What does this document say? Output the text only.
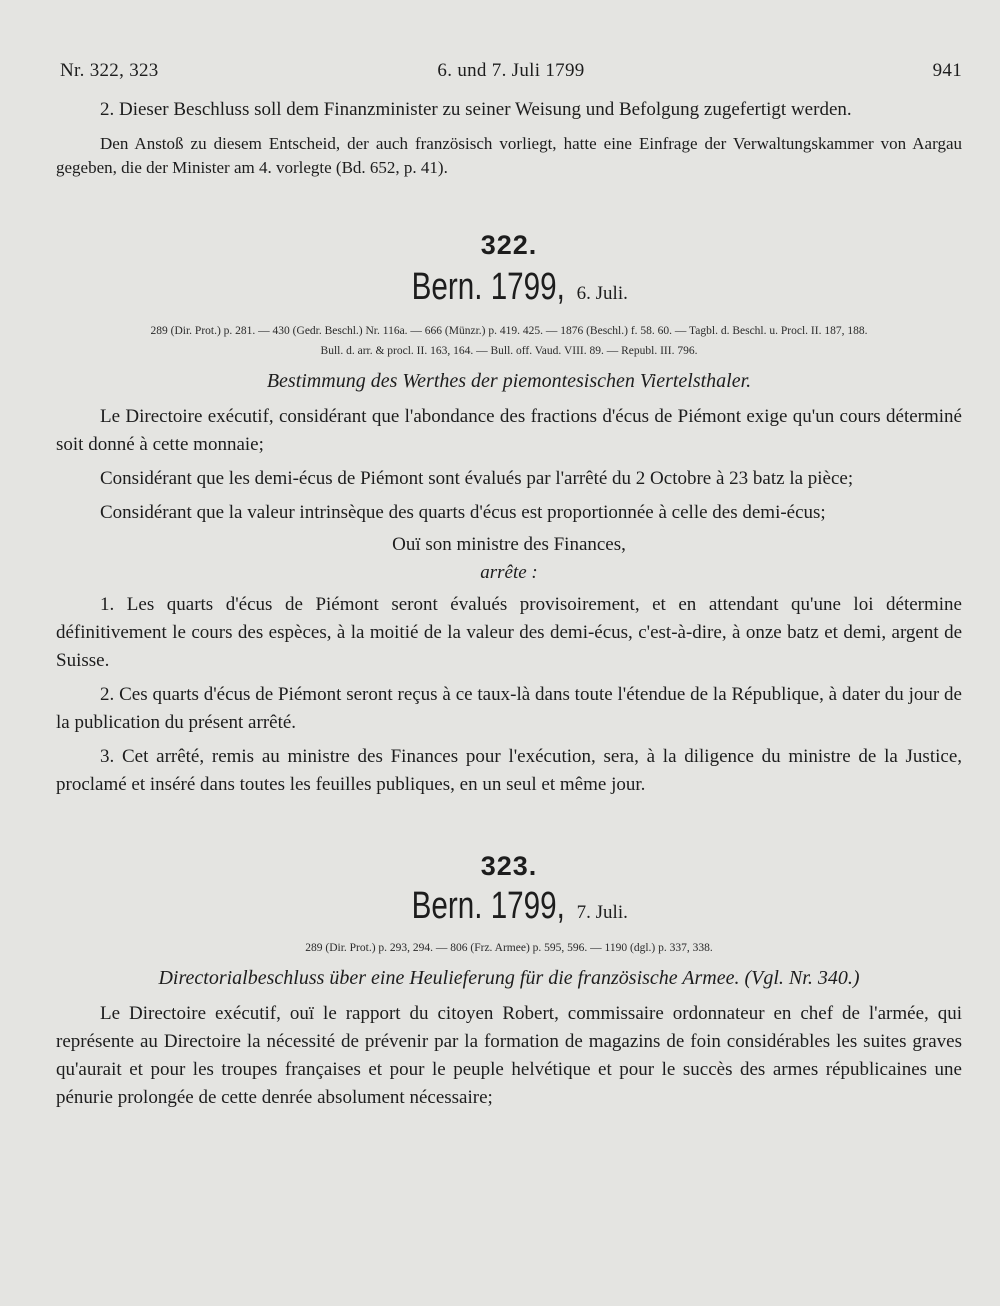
Nr. 322, 323	6. und 7. Juli 1799	941

2. Dieser Beschluss soll dem Finanzminister zu seiner Weisung und Befolgung zugefertigt werden.

Den Anstoß zu diesem Entscheid, der auch französisch vorliegt, hatte eine Einfrage der Verwaltungskammer von Aargau gegeben, die der Minister am 4. vorlegte (Bd. 652, p. 41).

322.
Bern. 1799, 6. Juli.
289 (Dir. Prot.) p. 281. — 430 (Gedr. Beschl.) Nr. 116a. — 666 (Münzr.) p. 419. 425. — 1876 (Beschl.) f. 58. 60. — Tagbl. d. Beschl. u. Procl. II. 187, 188.
Bull. d. arr. & procl. II. 163, 164. — Bull. off. Vaud. VIII. 89. — Republ. III. 796.
Bestimmung des Werthes der piemontesischen Viertelsthaler.

Le Directoire exécutif, considérant que l'abondance des fractions d'écus de Piémont exige qu'un cours déterminé soit donné à cette monnaie;

Considérant que les demi-écus de Piémont sont évalués par l'arrêté du 2 Octobre à 23 batz la pièce;

Considérant que la valeur intrinsèque des quarts d'écus est proportionnée à celle des demi-écus;

Ouï son ministre des Finances,
arrête :

1. Les quarts d'écus de Piémont seront évalués provisoirement, et en attendant qu'une loi détermine définitivement le cours des espèces, à la moitié de la valeur des demi-écus, c'est-à-dire, à onze batz et demi, argent de Suisse.

2. Ces quarts d'écus de Piémont seront reçus à ce taux-là dans toute l'étendue de la République, à dater du jour de la publication du présent arrêté.

3. Cet arrêté, remis au ministre des Finances pour l'exécution, sera, à la diligence du ministre de la Justice, proclamé et inséré dans toutes les feuilles publiques, en un seul et même jour.

323.
Bern. 1799, 7. Juli.
289 (Dir. Prot.) p. 293, 294. — 806 (Frz. Armee) p. 595, 596. — 1190 (dgl.) p. 337, 338.
Directorialbeschluss über eine Heulieferung für die französische Armee. (Vgl. Nr. 340.)

Le Directoire exécutif, ouï le rapport du citoyen Robert, commissaire ordonnateur en chef de l'armée, qui représente au Directoire la nécessité de prévenir par la formation de magazins de foin considérables les suites graves qu'aurait et pour les troupes françaises et pour le peuple helvétique et pour le succès des armes républicaines une pénurie prolongée de cette denrée absolument nécessaire;
